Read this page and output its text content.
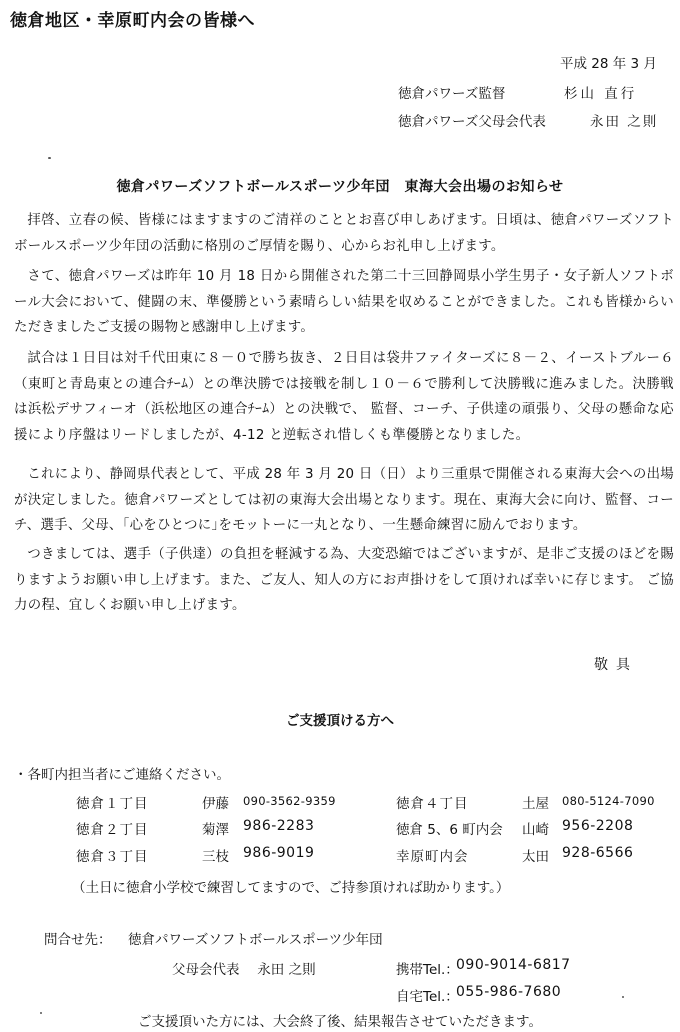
徳倉地区・幸原町内会の皆様へ
平成 28 年 3 月
徳倉パワーズ監督	杉山 直行
徳倉パワーズ父母会代表	永田 之則
徳倉パワーズソフトボールスポーツ少年団　東海大会出場のお知らせ
拝啓、立春の候、皆様にはますますのご清祥のこととお喜び申しあげます。日頃は、徳倉パワーズソフトボールスポーツ少年団の活動に格別のご厚情を賜り、心からお礼申し上げます。
さて、徳倉パワーズは昨年 10 月 18 日から開催された第二十三回静岡県小学生男子・女子新人ソフトボール大会において、健闘の末、準優勝という素晴らしい結果を収めることができました。これも皆様からいただきましたご支援の賜物と感謝申し上げます。
試合は１日目は対千代田東に８－０で勝ち抜き、２日目は袋井ファイターズに８－２、イーストブルー６（東町と青島東との連合ﾁｰﾑ）との準決勝では接戦を制し１０－６で勝利して決勝戦に進みました。決勝戦は浜松デサフィーオ（浜松地区の連合ﾁｰﾑ）との決戦で、 監督、コーチ、子供達の頑張り、父母の懸命な応援により序盤はリードしましたが、4-12 と逆転され惜しくも準優勝となりました。
これにより、静岡県代表として、平成 28 年 3 月 20 日（日）より三重県で開催される東海大会への出場が決定しました。徳倉パワーズとしては初の東海大会出場となります。現在、東海大会に向け、監督、コーチ、選手、父母、｢心をひとつに｣をモットーに一丸となり、一生懸命練習に励んでおります。
つきましては、選手（子供達）の負担を軽減する為、大変恐縮ではございますが、是非ご支援のほどを賜りますようお願い申し上げます。また、ご友人、知人の方にお声掛けをして頂ければ幸いに存じます。 ご協力の程、宜しくお願い申し上げます。
敬具
ご支援頂ける方へ
・各町内担当者にご連絡ください。
徳倉１丁目	伊藤 090-3562-9359
徳倉２丁目	菊澤 986-2283
徳倉３丁目	三枝 986-9019
徳倉４丁目	土屋 080-5124-7090
徳倉 5、6 町内会 山崎 956-2208
幸原町内会	太田 928-6566
（土日に徳倉小学校で練習してますので、ご持参頂ければ助かります。）
問合せ先： 徳倉パワーズソフトボールスポーツ少年団
父母会代表　 永田 之則	携帯Tel.：
090-9014-6817
自宅Tel.：
055-986-7680
ご支援頂いた方には、大会終了後、結果報告させていただきます。
